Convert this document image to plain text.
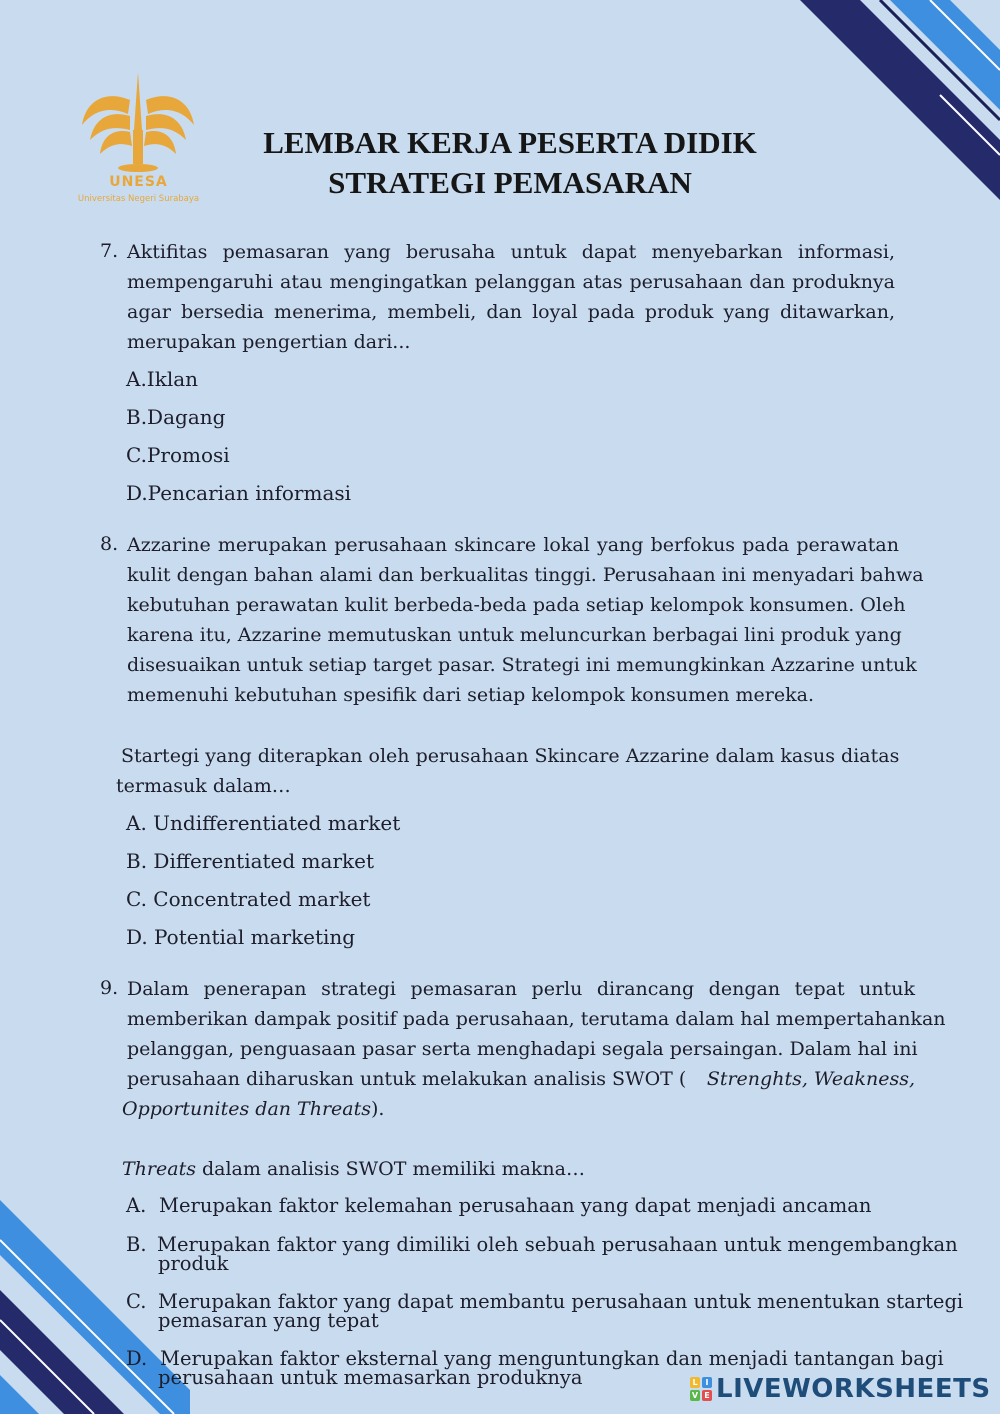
UNESA
Universitas Negeri Surabaya
LEMBAR KERJA PESERTA DIDIK
STRATEGI PEMASARAN
7. Aktifitas pemasaran yang berusaha untuk dapat menyebarkan informasi,
mempengaruhi atau mengingatkan pelanggan atas perusahaan dan produknya
agar bersedia menerima, membeli, dan loyal pada produk yang ditawarkan,
merupakan pengertian dari...
A.Iklan
B.Dagang
C.Promosi
D.Pencarian informasi
8. Azzarine merupakan perusahaan skincare lokal yang berfokus pada perawatan
kulit dengan bahan alami dan berkualitas tinggi. Perusahaan ini menyadari bahwa
kebutuhan perawatan kulit berbeda-beda pada setiap kelompok konsumen. Oleh
karena itu, Azzarine memutuskan untuk meluncurkan berbagai lini produk yang
disesuaikan untuk setiap target pasar. Strategi ini memungkinkan Azzarine untuk
memenuhi kebutuhan spesifik dari setiap kelompok konsumen mereka.
Startegi yang diterapkan oleh perusahaan Skincare Azzarine dalam kasus diatas
termasuk dalam…
A. Undifferentiated market
B. Differentiated market
C. Concentrated market
D. Potential marketing
9. Dalam penerapan strategi pemasaran perlu dirancang dengan tepat untuk
memberikan dampak positif pada perusahaan, terutama dalam hal mempertahankan
pelanggan, penguasaan pasar serta menghadapi segala persaingan. Dalam hal ini
perusahaan diharuskan untuk melakukan analisis SWOT ( Strenghts, Weakness,
Opportunites dan Threats).
Threats dalam analisis SWOT memiliki makna…
A. Merupakan faktor kelemahan perusahaan yang dapat menjadi ancaman
B. Merupakan faktor yang dimiliki oleh sebuah perusahaan untuk mengembangkan
produk
C. Merupakan faktor yang dapat membantu perusahaan untuk menentukan startegi
pemasaran yang tepat
D. Merupakan faktor eksternal yang menguntungkan dan menjadi tantangan bagi
perusahaan untuk memasarkan produknya	L I
V E LIVEWORKSHEETS
